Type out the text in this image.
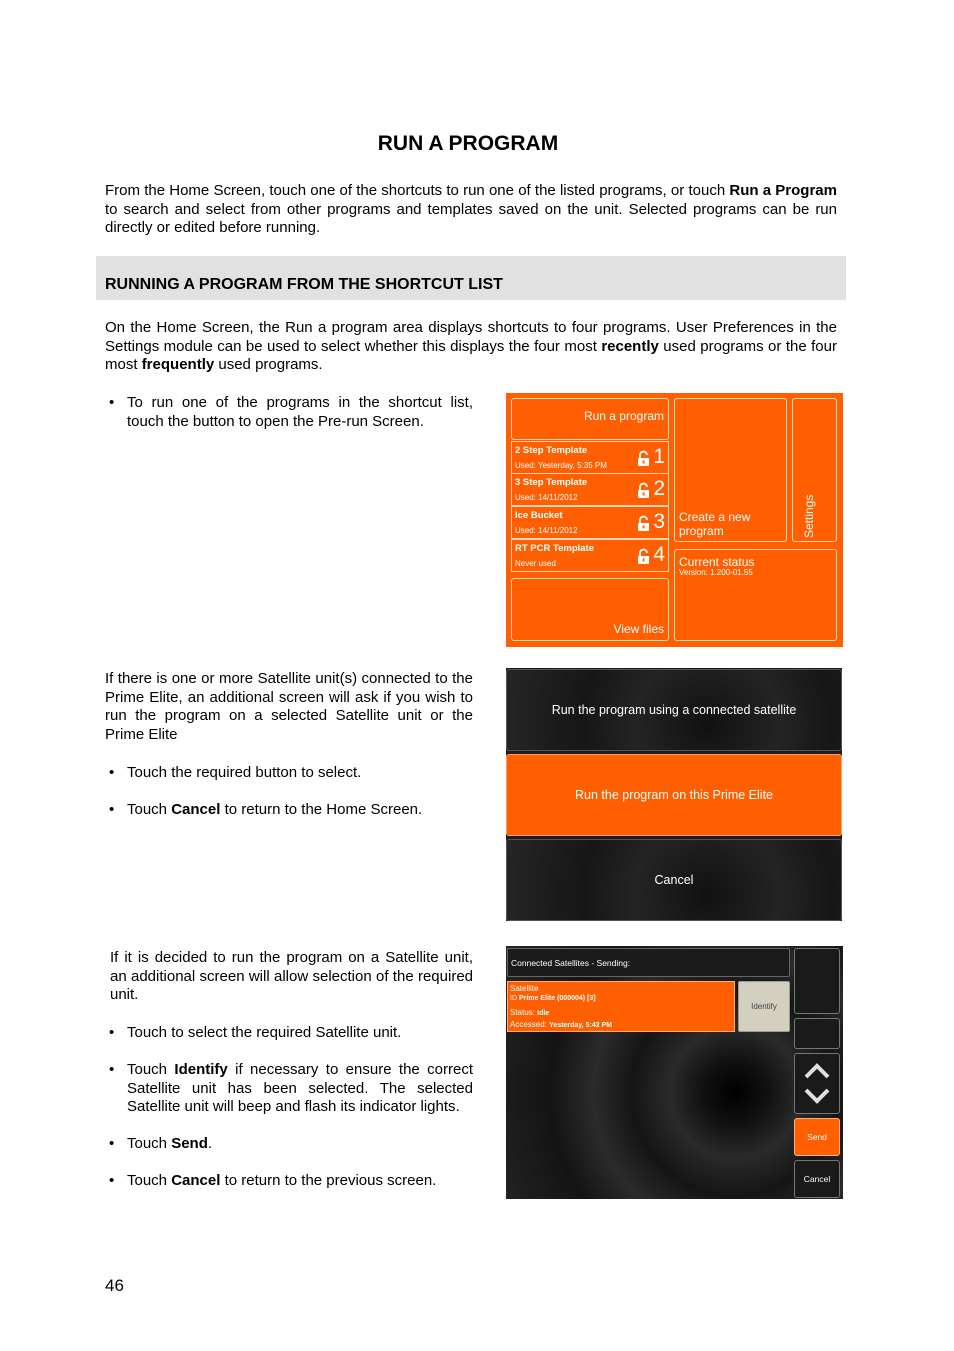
RUN A PROGRAM
From the Home Screen, touch one of the shortcuts to run one of the listed programs, or touch Run a Program to search and select from other programs and templates saved on the unit. Selected programs can be run directly or edited before running.
RUNNING A PROGRAM FROM THE SHORTCUT LIST
On the Home Screen, the Run a program area displays shortcuts to four programs. User Preferences in the Settings module can be used to select whether this displays the four most recently used programs or the four most frequently used programs.
• To run one of the programs in the shortcut list, touch the button to open the Pre-run Screen.	Run a program
2 Step Template
Used: Yesterday, 5:35 PM 1
3 Step Template
Used: 14/11/2012	2
Ice Bucket
Used: 14/11/2012	3
RT PCR Template
Never used	4
View files
Create a new program	Settings
Current status
Version: 1.200-01.55
If there is one or more Satellite unit(s) connected to the Prime Elite, an additional screen will ask if you wish to run the program on a selected Satellite unit or the Prime Elite
• Touch the required button to select.
• Touch Cancel to return to the Home Screen.
Run the program using a connected satellite
Run the program on this Prime Elite
Cancel
If it is decided to run the program on a Satellite unit, an additional screen will allow selection of the required unit.
• Touch to select the required Satellite unit.
• Touch Identify if necessary to ensure the correct Satellite unit has been selected. The selected Satellite unit will beep and flash its indicator lights.
• Touch Send.
• Touch Cancel to return to the previous screen.
Connected Satellites - Sending:
Satellite
ID Prime Elite (000004) [3]
Status: Idle
Accessed: Yesterday, 5:42 PM
Identify
Send
Cancel
46
